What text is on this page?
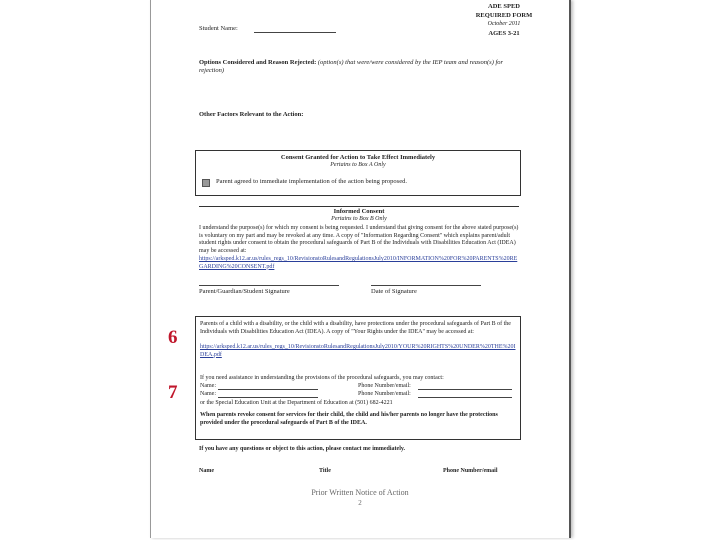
Student Name:
ADE SPED
REQUIRED FORM
October 2011
AGES 3-21
Options Considered and Reason Rejected: (option(s) that were/were considered by the IEP team and reason(s) for rejection)
Other Factors Relevant to the Action:
Consent Granted for Action to Take Effect Immediately
Pertains to Box A Only
Parent agreed to immediate implementation of the action being proposed.
Informed Consent
Pertains to Box B Only
I understand the purpose(s) for which my consent is being requested. I understand that giving consent for the above stated purpose(s) is voluntary on my part and may be revoked at any time. A copy of "Information Regarding Consent" which explains parent/adult student rights under consent to obtain the procedural safeguards of Part B of the Individuals with Disabilities Education Act (IDEA) may be accessed at:
https://arksped.k12.ar.us/rules_regs_10/RevisionstoRulesandRegulationsJuly2010/INFORMATION%20FOR%20PARENTS%20REGARDING%20CONSENT.pdf
Parent/Guardian/Student Signature	Date of Signature
Parents of a child with a disability, or the child with a disability, have protections under the procedural safeguards of Part B of the Individuals with Disabilities Education Act (IDEA). A copy of "Your Rights under the IDEA" may be accessed at:
https://arksped.k12.ar.us/rules_regs_10/RevisionstoRulesandRegulationsJuly2010/YOUR%20RIGHTS%20UNDER%20THE%20IDEA.pdf
If you need assistance in understanding the provisions of the procedural safeguards, you may contact:
Name:	Phone Number/email:
Name:	Phone Number/email:
or the Special Education Unit at the Department of Education at (501) 682-4221
When parents revoke consent for services for their child, the child and his/her parents no longer have the protections provided under the procedural safeguards of Part B of the IDEA.
If you have any questions or object to this action, please contact me immediately.
Name	Title	Phone Number/email
Prior Written Notice of Action
2
6
7
